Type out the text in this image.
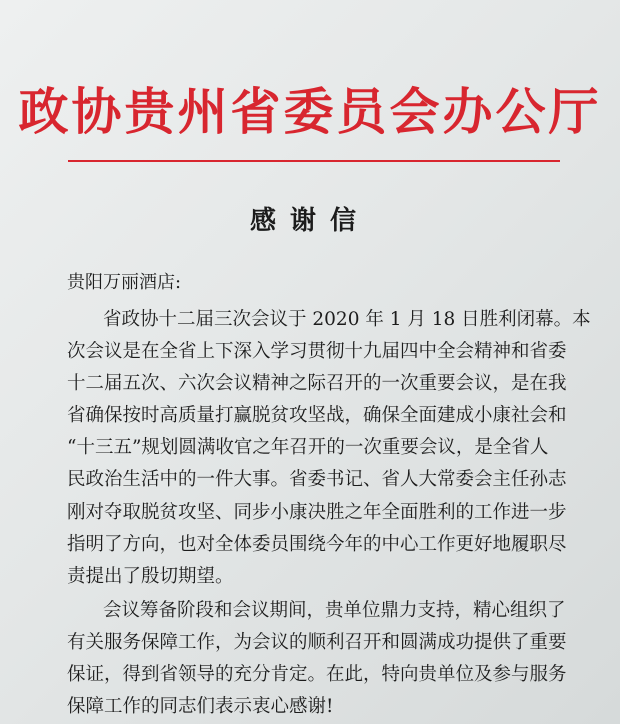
政协贵州省委员会办公厅
感谢信
贵阳万丽酒店:
省政协十二届三次会议于 2020 年 1 月 18 日胜利闭幕。本
次会议是在全省上下深入学习贯彻十九届四中全会精神和省委
十二届五次、六次会议精神之际召开的一次重要会议，是在我
省确保按时高质量打赢脱贫攻坚战，确保全面建成小康社会和
“十三五”规划圆满收官之年召开的一次重要会议，是全省人
民政治生活中的一件大事。省委书记、省人大常委会主任孙志
刚对夺取脱贫攻坚、同步小康决胜之年全面胜利的工作进一步
指明了方向，也对全体委员围绕今年的中心工作更好地履职尽
责提出了殷切期望。
会议筹备阶段和会议期间，贵单位鼎力支持，精心组织了
有关服务保障工作，为会议的顺利召开和圆满成功提供了重要
保证，得到省领导的充分肯定。在此，特向贵单位及参与服务
保障工作的同志们表示衷心感谢!
